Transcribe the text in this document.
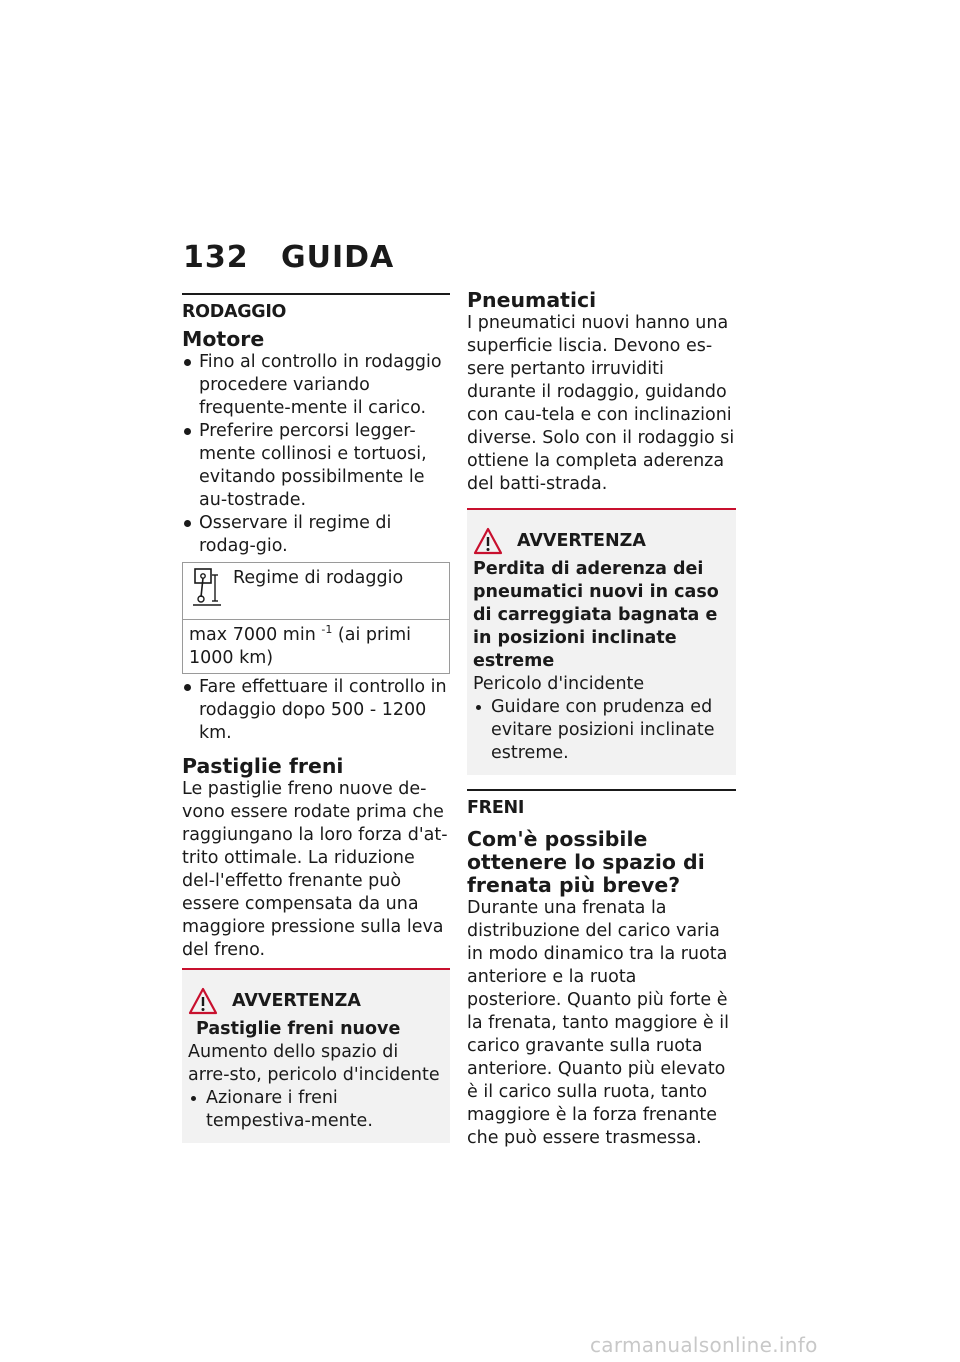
132 GUIDA
RODAGGIO
Motore
Fino al controllo in rodaggio procedere variando frequente-mente il carico.
Preferire percorsi legger-mente collinosi e tortuosi, evitando possibilmente le au-tostrade.
Osservare il regime di rodag-gio.
Regime di rodaggio
max 7000 min $^{-1}$ (ai primi 1000 km)
Fare effettuare il controllo in rodaggio dopo 500 - 1200 km.
Pastiglie freni

Le pastiglie freno nuove de-vono essere rodate prima che raggiungano la loro forza d'at-trito ottimale. La riduzione del-l'effetto frenante può essere compensata da una maggiore pressione sulla leva del freno.

AVVERTENZA
Pastiglie freni nuove

Aumento dello spazio di arre-sto, pericolo d'incidente

Azionare i freni tempestiva-mente.
Pneumatici

I pneumatici nuovi hanno una superficie liscia. Devono es-sere pertanto irruviditi durante il rodaggio, guidando con cau-tela e con inclinazioni diverse. Solo con il rodaggio si ottiene la completa aderenza del batti-strada.

AVVERTENZA
Perdita di aderenza dei pneumatici nuovi in caso di carreggiata bagnata e in posizioni inclinate estreme

Pericolo d'incidente

Guidare con prudenza ed evitare posizioni inclinate estreme.
FRENI
Com'è possibile ottenere lo spazio di frenata più breve?

Durante una frenata la distribuzione del carico varia in modo dinamico tra la ruota anteriore e la ruota posteriore. Quanto più forte è la frenata, tanto maggiore è il carico gravante sulla ruota anteriore. Quanto più elevato è il carico sulla ruota, tanto maggiore è la forza frenante che può essere trasmessa.

carmanualsonline.info
